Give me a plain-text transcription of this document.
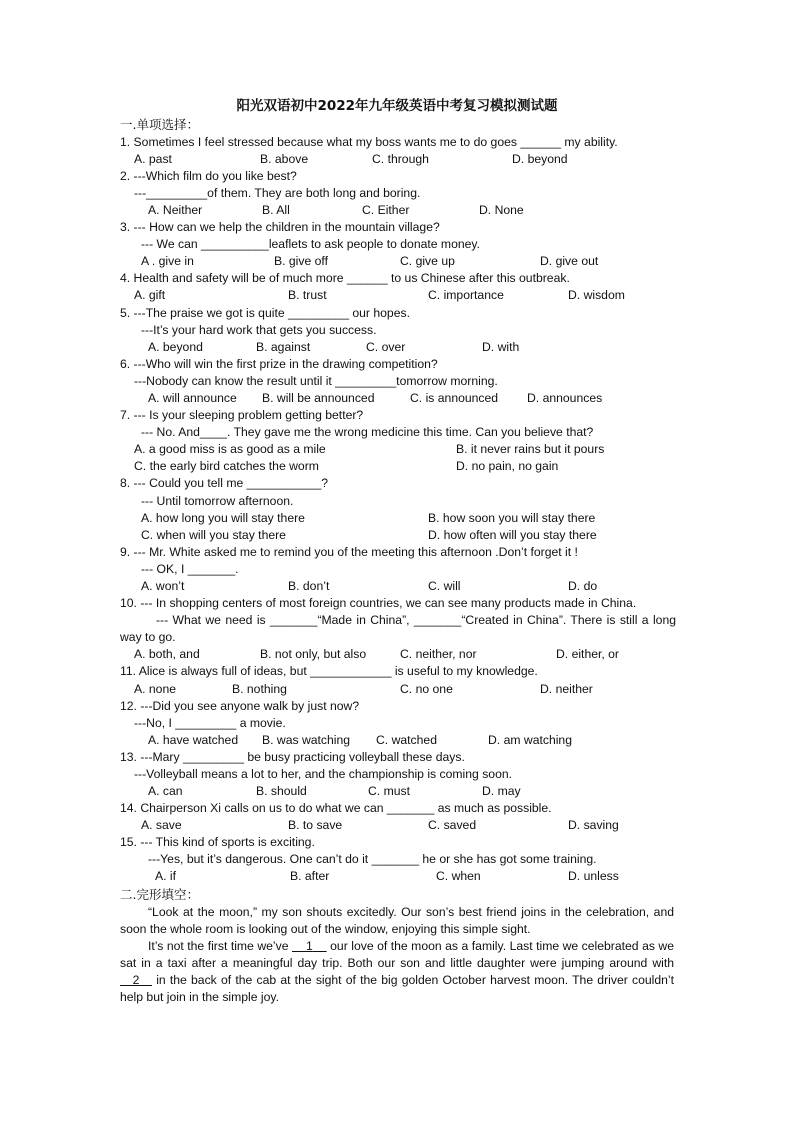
阳光双语初中2022年九年级英语中考复习模拟测试题
一.单项选择：
1. Sometimes I feel stressed because what my boss wants me to do goes ______ my ability.
A. past	B. above	C. through	D. beyond
2. ---Which film do you like best?
---_________of them. They are both long and boring.
A. Neither	B. All	C. Either	D. None
3. --- How can we help the children in the mountain village?
--- We can __________leaflets to ask people to donate money.
A . give in	B. give off	C. give up	D. give out
4. Health and safety will be of much more ______ to us Chinese after this outbreak.
A. gift	B. trust	C. importance	D. wisdom
5. ---The praise we got is quite _________ our hopes.
---It’s your hard work that gets you success.
A. beyond	B. against	C. over	D. with
6. ---Who will win the first prize in the drawing competition?
---Nobody can know the result until it _________tomorrow morning.
A. will announce B. will be announced	C. is announced D. announces
7. --- Is your sleeping problem getting better?
--- No. And____. They gave me the wrong medicine this time. Can you believe that?
A. a good miss is as good as a mile	B. it never rains but it pours
C. the early bird catches the worm	D. no pain, no gain
8. --- Could you tell me ___________?
--- Until tomorrow afternoon.
A. how long you will stay there	B. how soon you will stay there
C. when will you stay there	D. how often will you stay there
9. --- Mr. White asked me to remind you of the meeting this afternoon .Don’t forget it !
--- OK, I _______.
A. won’t	B. don’t	C. will	D. do
10. --- In shopping centers of most foreign countries, we can see many products made in China.
--- What we need is _______“Made in China”, _______“Created in China”. There is still a long way to go.
A. both, and	B. not only, but also	C. neither, nor	D. either, or
11. Alice is always full of ideas, but ____________ is useful to my knowledge.
A. none	B. nothing	C. no one	D. neither
12. ---Did you see anyone walk by just now?
---No, I _________ a movie.
A. have watched B. was watching C. watched	D. am watching
13. ---Mary _________ be busy practicing volleyball these days.
---Volleyball means a lot to her, and the championship is coming soon.
A. can	B. should	C. must	D. may
14. Chairperson Xi calls on us to do what we can _______ as much as possible.
A. save	B. to save	C. saved	D. saving
15. --- This kind of sports is exciting.
---Yes, but it’s dangerous. One can’t do it _______ he or she has got some training.
A. if	B. after	C. when	D. unless
二.完形填空：
“Look at the moon,” my son shouts excitedly. Our son’s best friend joins in the celebration, and soon the whole room is looking out of the window, enjoying this simple sight.
It’s not the first time we’ve     1     our love of the moon as a family. Last time we celebrated as we sat in a taxi after a meaningful day trip. Both our son and little daughter were jumping around with    2    in the back of the cab at the sight of the big golden October harvest moon. The driver couldn’t help but join in the simple joy.
